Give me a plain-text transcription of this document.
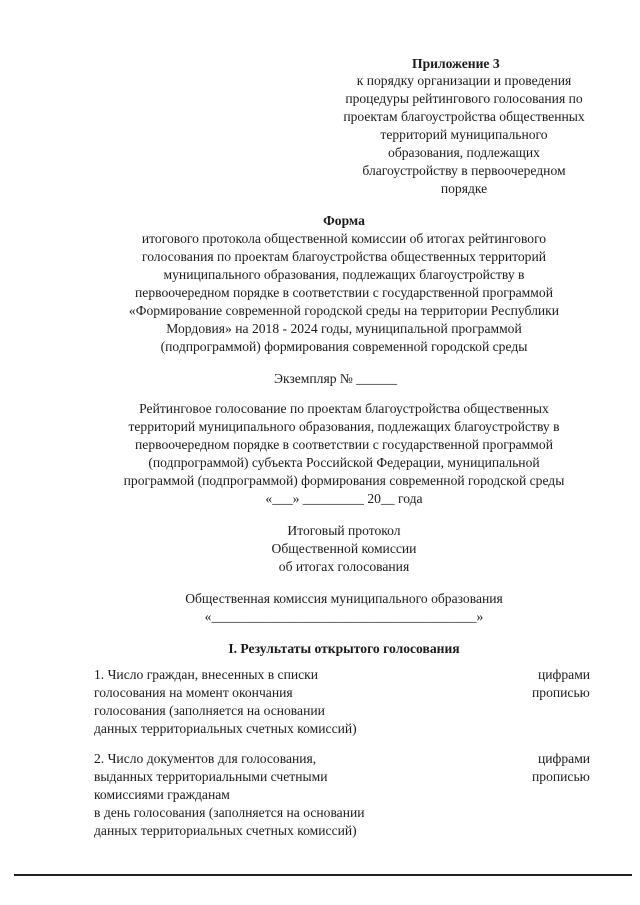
Приложение 3
к порядку организации и проведения
процедуры рейтингового голосования по
проектам благоустройства общественных
территорий муниципального
образования, подлежащих
благоустройству в первоочередном
порядке
Форма
итогового протокола общественной комиссии об итогах рейтингового
голосования по проектам благоустройства общественных территорий
муниципального образования, подлежащих благоустройству в
первоочередном порядке в соответствии с государственной программой
«Формирование современной городской среды на территории Республики
Мордовия» на 2018 - 2024 годы, муниципальной программой
(подпрограммой) формирования современной городской среды
Экземпляр № ______
Рейтинговое голосование по проектам благоустройства общественных
территорий муниципального образования, подлежащих благоустройству в
первоочередном порядке в соответствии с государственной программой
(подпрограммой) субъекта Российской Федерации, муниципальной
программой (подпрограммой) формирования современной городской среды
«___» _________ 20__ года
Итоговый протокол
Общественной комиссии
об итогах голосования
Общественная комиссия муниципального образования
«_______________________________________»
I. Результаты открытого голосования
1. Число граждан, внесенных в списки
голосования на момент окончания
голосования (заполняется на основании
данных территориальных счетных комиссий)
цифрами
прописью
2. Число документов для голосования,
выданных территориальными счетными
комиссиями гражданам
в день голосования (заполняется на основании
данных территориальных счетных комиссий)
цифрами
прописью
